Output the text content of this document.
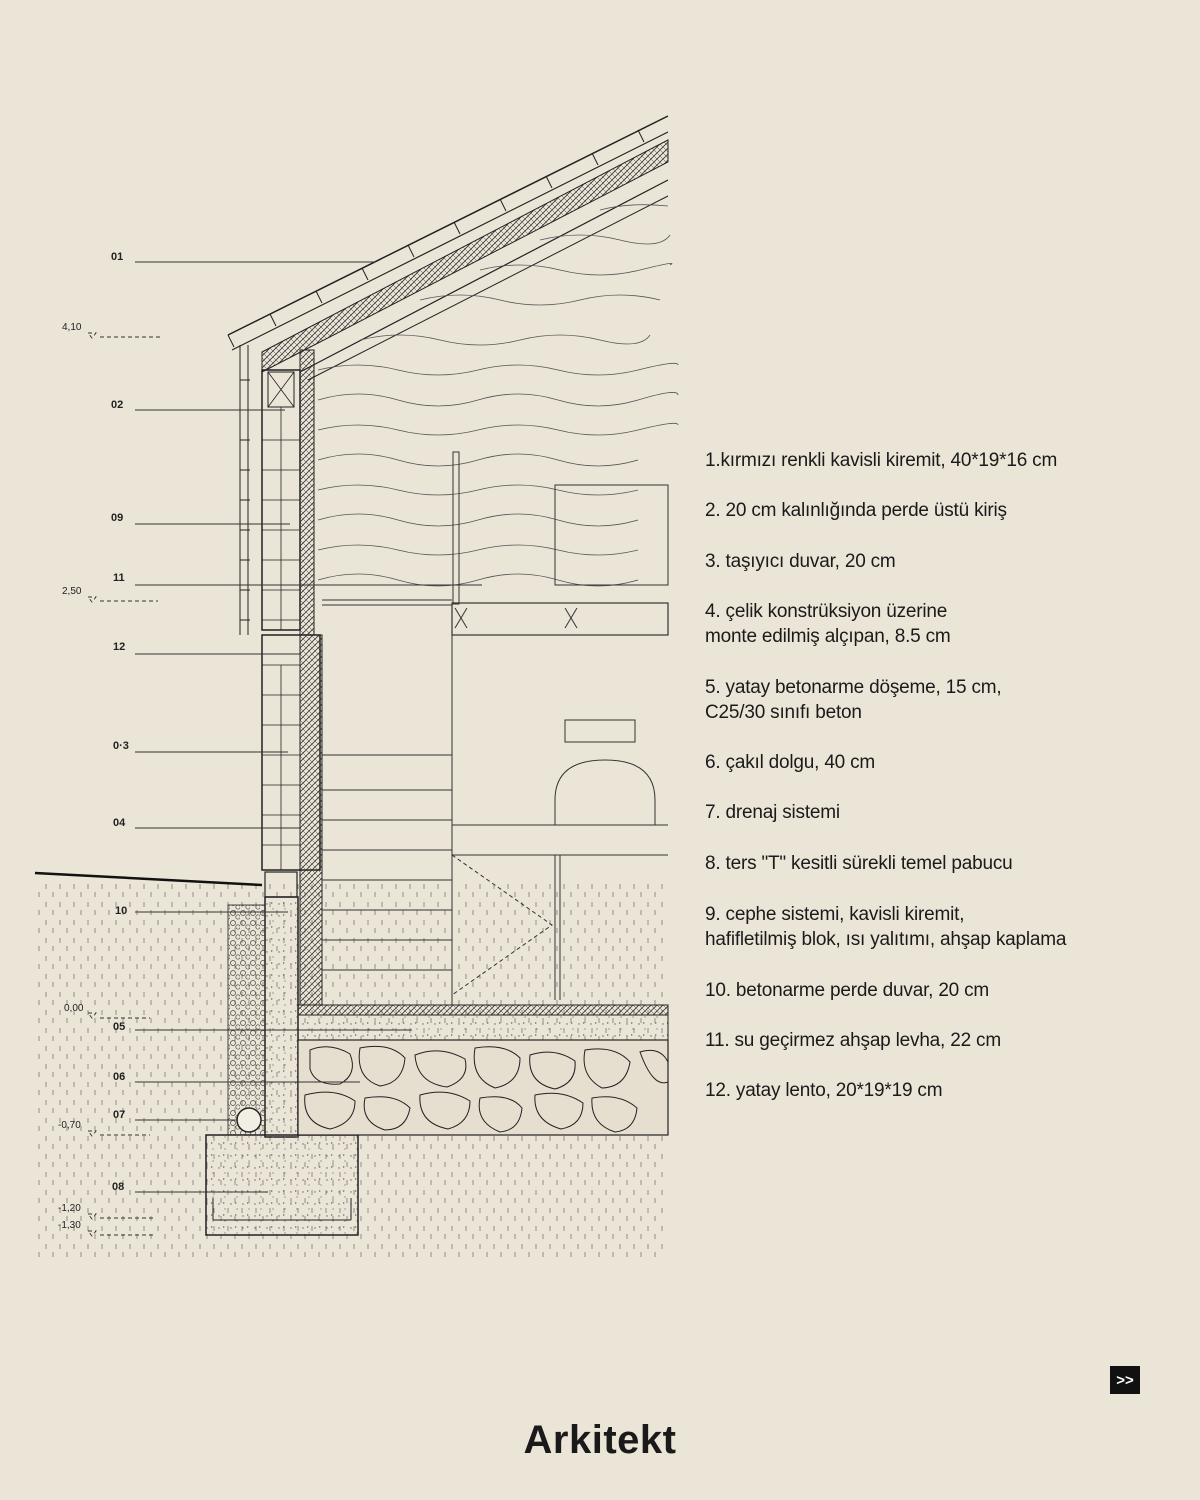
01
02
09
11
12
0·3
04
10
05
06
07
08
4,10
2,50
0,00
-0,70
-1,20
-1,30

1.kırmızı renkli kavisli kiremit, 40*19*16 cm

2. 20 cm kalınlığında perde üstü kiriş

3. taşıyıcı duvar, 20 cm

4. çelik konstrüksiyon üzerine
monte edilmiş alçıpan, 8.5 cm

5. yatay betonarme döşeme, 15 cm,
C25/30 sınıfı beton

6. çakıl dolgu, 40 cm

7. drenaj sistemi

8. ters "T" kesitli sürekli temel pabucu

9. cephe sistemi, kavisli kiremit,
hafifletilmiş blok, ısı yalıtımı, ahşap kaplama

10. betonarme perde duvar, 20 cm

11. su geçirmez ahşap levha, 22 cm

12. yatay lento, 20*19*19 cm

>>
Arkitekt
